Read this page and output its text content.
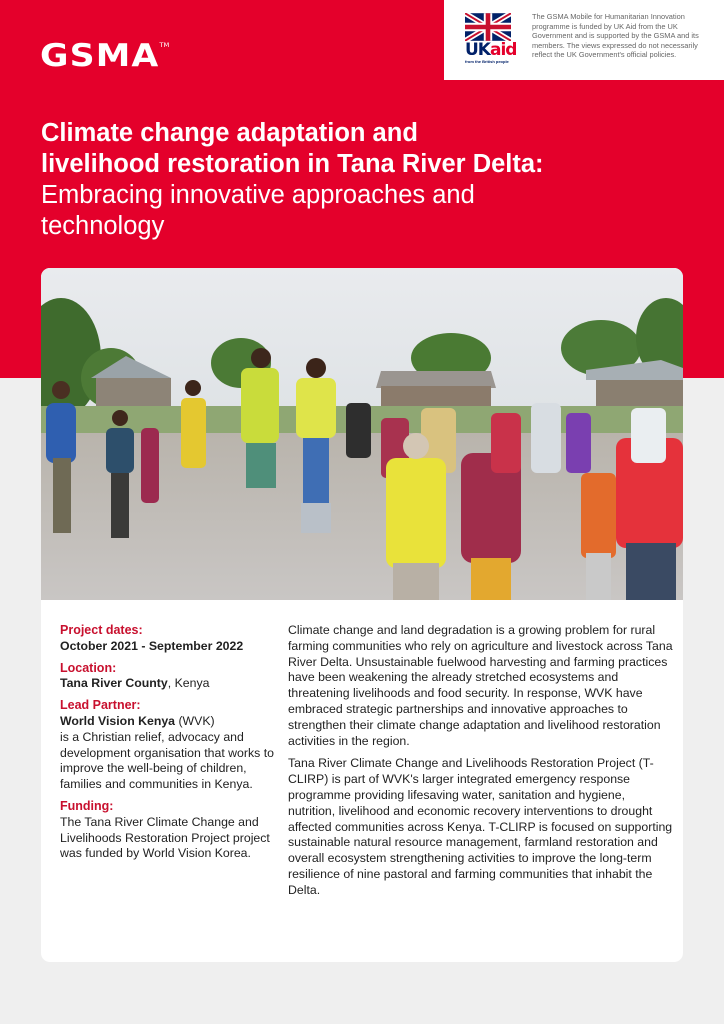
GSMA™	UKaid
from the British people
The GSMA Mobile for Humanitarian Innovation programme is funded by UK Aid from the UK Government and is supported by the GSMA and its members. The views expressed do not necessarily reflect the UK Government's official policies.
Climate change adaptation and
livelihood restoration in Tana River Delta:
Embracing innovative approaches and
technology
Project dates:
October 2021 - September 2022
Location:
Tana River County, Kenya
Lead Partner:
World Vision Kenya (WVK)
is a Christian relief, advocacy and development organisation that works to improve the well-being of children, families and communities in Kenya.
Funding:
The Tana River Climate Change and Livelihoods Restoration Project project was funded by World Vision Korea.

Climate change and land degradation is a growing problem for rural farming communities who rely on agriculture and livestock across Tana River Delta. Unsustainable fuelwood harvesting and farming practices have been weakening the already stretched ecosystems and threatening livelihoods and food security. In response, WVK have embraced strategic partnerships and innovative approaches to strengthen their climate change adaptation and livelihood restoration activities in the region.

Tana River Climate Change and Livelihoods Restoration Project (T-CLIRP) is part of WVK's larger integrated emergency response programme providing lifesaving water, sanitation and hygiene, nutrition, livelihood and economic recovery interventions to drought affected communities across Kenya. T-CLIRP is focused on supporting sustainable natural resource management, farmland restoration and overall ecosystem strengthening activities to improve the long-term resilience of nine pastoral and farming communities that inhabit the Delta.
